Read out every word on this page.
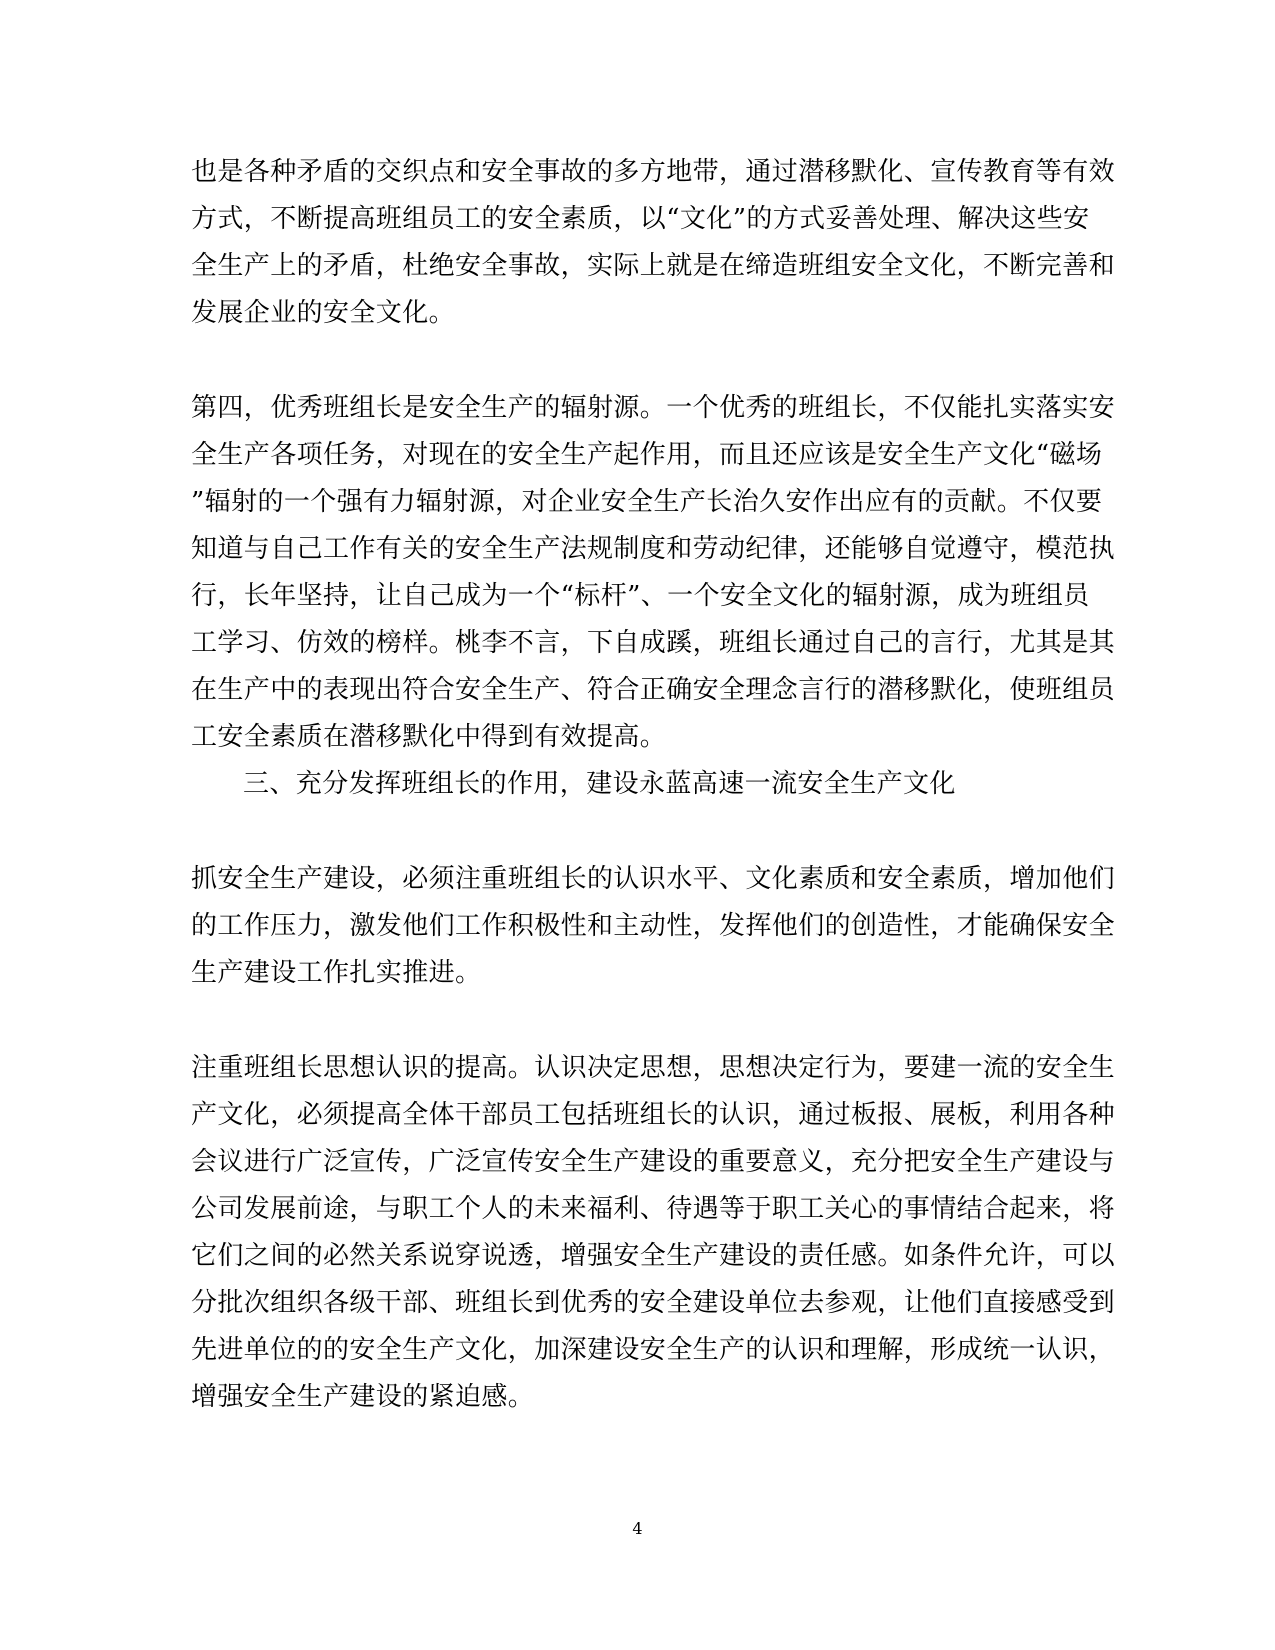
也是各种矛盾的交织点和安全事故的多方地带，通过潜移默化、宣传教育等有效
方式，不断提高班组员工的安全素质，以“文化”的方式妥善处理、解决这些安
全生产上的矛盾，杜绝安全事故，实际上就是在缔造班组安全文化，不断完善和
发展企业的安全文化。
第四，优秀班组长是安全生产的辐射源。一个优秀的班组长，不仅能扎实落实安
全生产各项任务，对现在的安全生产起作用，而且还应该是安全生产文化“磁场
”辐射的一个强有力辐射源，对企业安全生产长治久安作出应有的贡献。不仅要
知道与自己工作有关的安全生产法规制度和劳动纪律，还能够自觉遵守，模范执
行，长年坚持，让自己成为一个“标杆”、一个安全文化的辐射源，成为班组员
工学习、仿效的榜样。桃李不言，下自成蹊，班组长通过自己的言行，尤其是其
在生产中的表现出符合安全生产、符合正确安全理念言行的潜移默化，使班组员
工安全素质在潜移默化中得到有效提高。
三、充分发挥班组长的作用，建设永蓝高速一流安全生产文化
抓安全生产建设，必须注重班组长的认识水平、文化素质和安全素质，增加他们
的工作压力，激发他们工作积极性和主动性，发挥他们的创造性，才能确保安全
生产建设工作扎实推进。
注重班组长思想认识的提高。认识决定思想，思想决定行为，要建一流的安全生
产文化，必须提高全体干部员工包括班组长的认识，通过板报、展板，利用各种
会议进行广泛宣传，广泛宣传安全生产建设的重要意义，充分把安全生产建设与
公司发展前途，与职工个人的未来福利、待遇等于职工关心的事情结合起来，将
它们之间的必然关系说穿说透，增强安全生产建设的责任感。如条件允许，可以
分批次组织各级干部、班组长到优秀的安全建设单位去参观，让他们直接感受到
先进单位的的安全生产文化，加深建设安全生产的认识和理解，形成统一认识，
增强安全生产建设的紧迫感。
4
